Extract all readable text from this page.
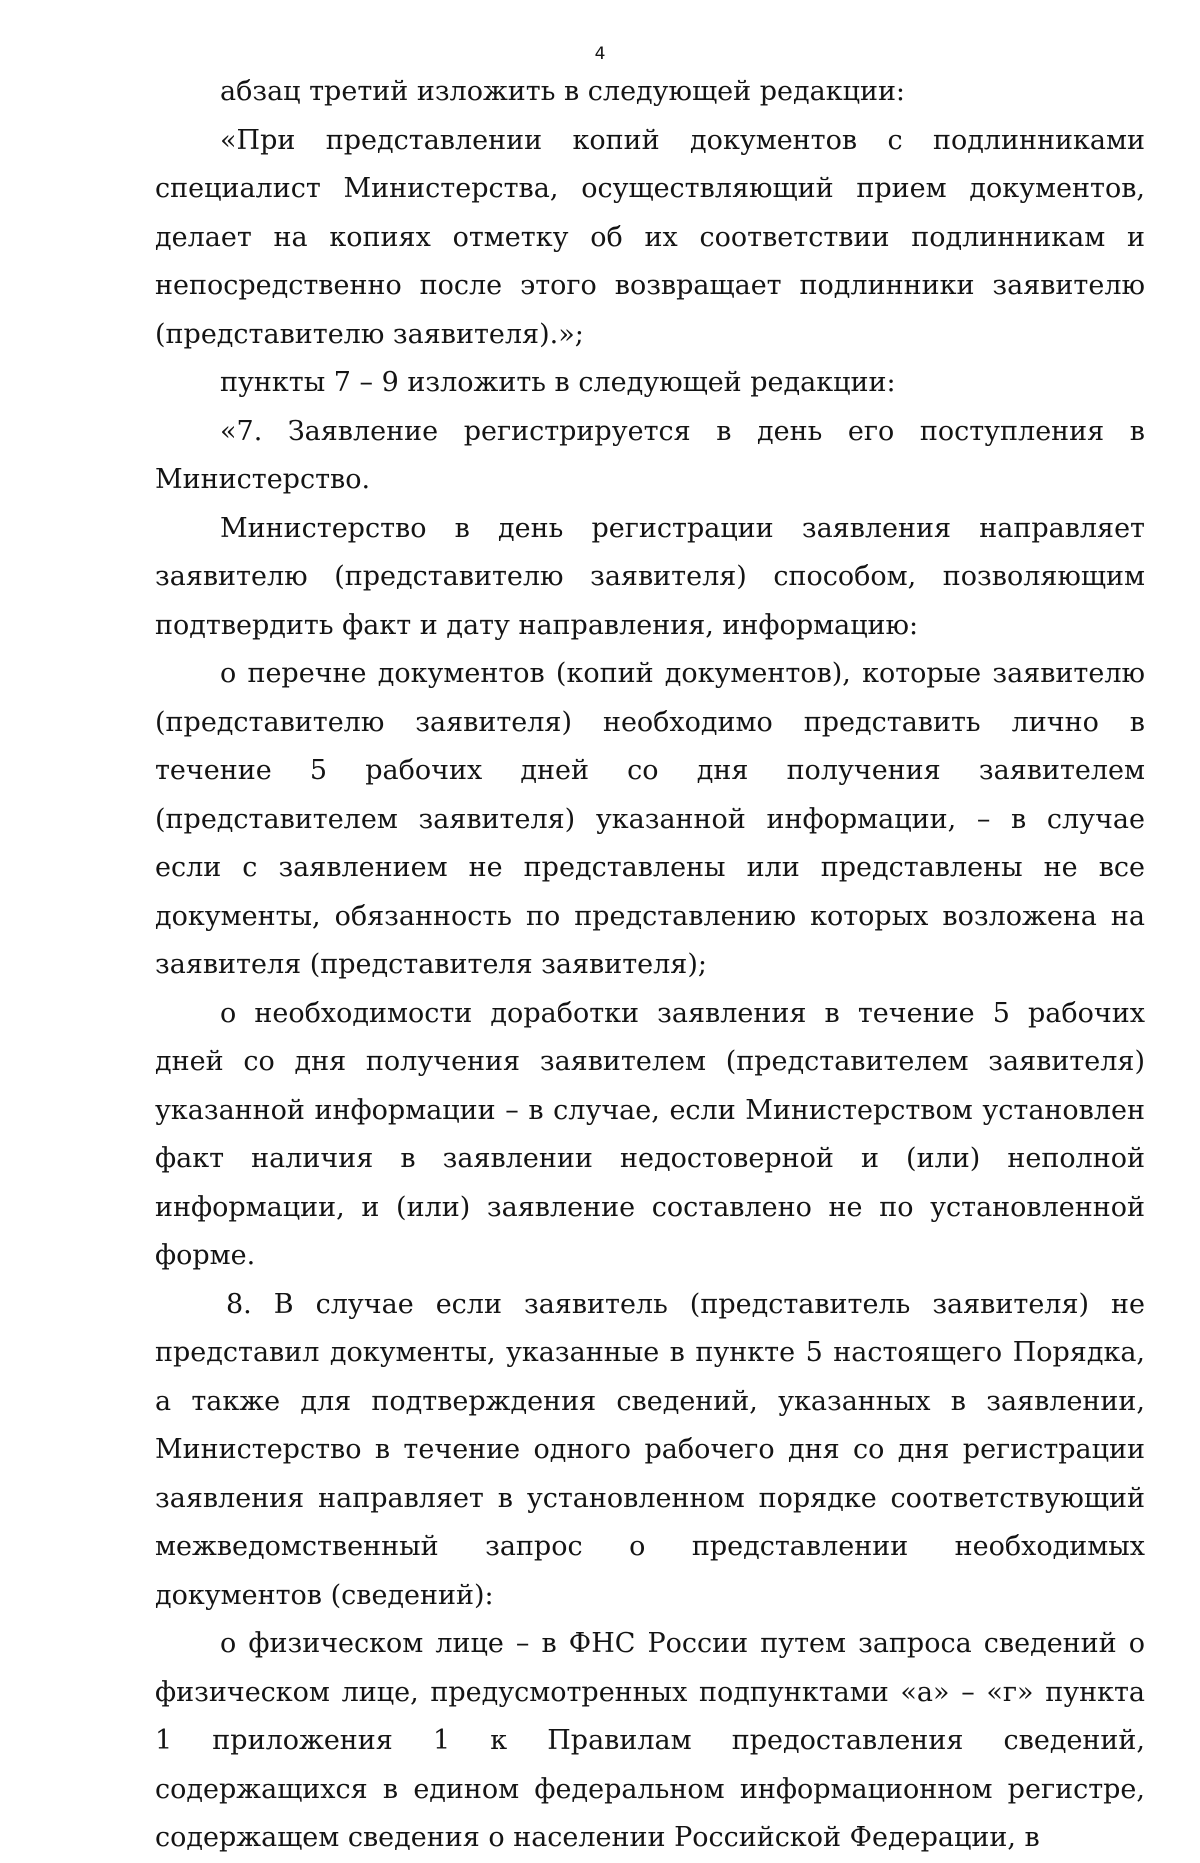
4

абзац третий изложить в следующей редакции:

«При представлении копий документов с подлинниками специалист Министерства, осуществляющий прием документов, делает на копиях отметку об их соответствии подлинникам и непосредственно после этого возвращает подлинники заявителю (представителю заявителя).»;

пункты 7 – 9 изложить в следующей редакции:

«7. Заявление регистрируется в день его поступления в Министерство.

Министерство в день регистрации заявления направляет заявителю (представителю заявителя) способом, позволяющим подтвердить факт и дату направления, информацию:

о перечне документов (копий документов), которые заявителю (представителю заявителя) необходимо представить лично в течение 5 рабочих дней со дня получения заявителем (представителем заявителя) указанной информации, – в случае если с заявлением не представлены или представлены не все документы, обязанность по представлению которых возложена на заявителя (представителя заявителя);

о необходимости доработки заявления в течение 5 рабочих дней со дня получения заявителем (представителем заявителя) указанной информации – в случае, если Министерством установлен факт наличия в заявлении недостоверной и (или) неполной информации, и (или) заявление составлено не по установленной форме.

8. В случае если заявитель (представитель заявителя) не представил документы, указанные в пункте 5 настоящего Порядка, а также для подтверждения сведений, указанных в заявлении, Министерство в течение одного рабочего дня со дня регистрации заявления направляет в установленном порядке соответствующий межведомственный запрос о представлении необходимых документов (сведений):

о физическом лице – в ФНС России путем запроса сведений о физическом лице, предусмотренных подпунктами «а» – «г» пункта 1 приложения 1 к Правилам предоставления сведений, содержащихся в едином федеральном информационном регистре, содержащем сведения о населении Российской Федерации, в
